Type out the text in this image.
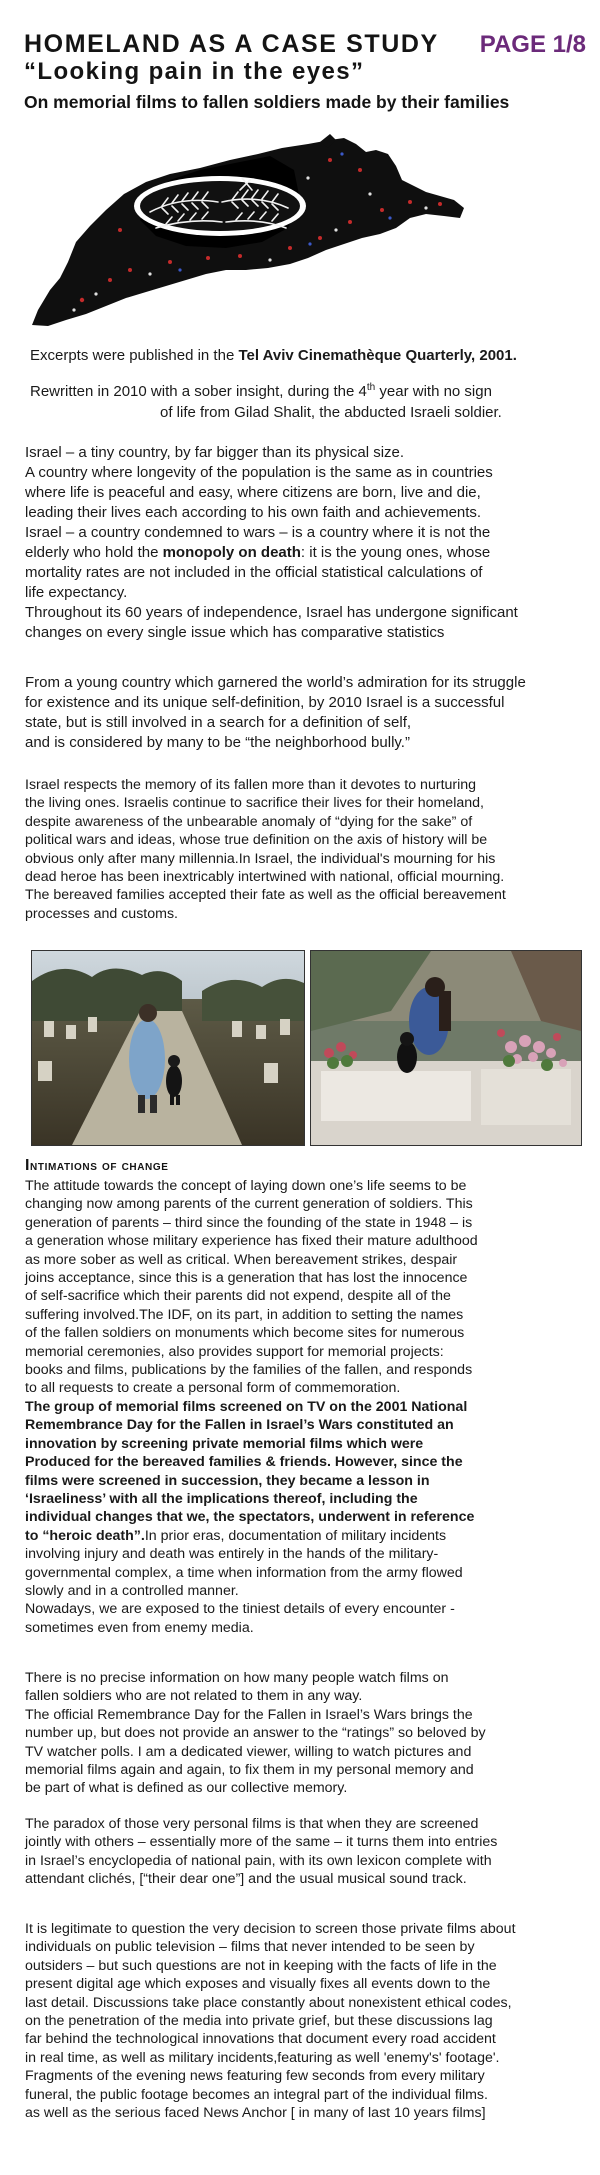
HOMELAND AS A CASE STUDY	PAGE 1/8
“Looking pain in the eyes”
On memorial films to fallen soldiers made by their families
Excerpts were published in the Tel Aviv Cinemathèque Quarterly, 2001.
Rewritten in 2010 with a sober insight, during the 4th year with no sign
of life from Gilad Shalit, the abducted Israeli soldier.
Israel – a tiny country, by far bigger than its physical size.
A country where longevity of the population is the same as in countries
where life is peaceful and easy, where citizens are born, live and die,
leading their lives each according to his own faith and achievements.
Israel – a country condemned to wars – is a country where it is not the
elderly who hold the monopoly on death: it is the young ones, whose
mortality rates are not included in the official statistical calculations of
life expectancy.
Throughout its 60 years of independence, Israel has undergone significant
changes on every single issue which has comparative statistics
From a young country which garnered the world’s admiration for its struggle
for existence and its unique self-definition, by 2010 Israel is a successful
state, but is still involved in a search for a definition of self,
and is considered by many to be “the neighborhood bully.”
Israel respects the memory of its fallen more than it devotes to nurturing
the living ones. Israelis continue to sacrifice their lives for their homeland,
despite awareness of the unbearable anomaly of “dying for the sake” of
political wars and ideas, whose true definition on the axis of history will be
obvious only after many millennia.In Israel, the individual's mourning for his
dead heroe has been inextricably intertwined with national, official mourning.
The bereaved families accepted their fate as well as the official bereavement
processes and customs.
Intimations of change
The attitude towards the concept of laying down one’s life seems to be
changing now among parents of the current generation of soldiers. This
generation of parents – third since the founding of the state in 1948 – is
a generation whose military experience has fixed their mature adulthood
as more sober as well as critical. When bereavement strikes, despair
joins acceptance, since this is a generation that has lost the innocence
of self-sacrifice which their parents did not expend, despite all of the
suffering involved.The IDF, on its part, in addition to setting the names
of the fallen soldiers on monuments which become sites for numerous
memorial ceremonies, also provides support for memorial projects:
books and films, publications by the families of the fallen, and responds
to all requests to create a personal form of commemoration.
The group of memorial films screened on TV on the 2001 National
Remembrance Day for the Fallen in Israel’s Wars constituted an
innovation by screening private memorial films which were
Produced for the bereaved families & friends. However, since the
films were screened in succession, they became a lesson in
‘Israeliness’ with all the implications thereof, including the
individual changes that we, the spectators, underwent in reference
to “heroic death”.In prior eras, documentation of military incidents
involving injury and death was entirely in the hands of the military-
governmental complex, a time when information from the army flowed
slowly and in a controlled manner.
Nowadays, we are exposed to the tiniest details of every encounter -
sometimes even from enemy media.
There is no precise information on how many people watch films on
fallen soldiers who are not related to them in any way.
The official Remembrance Day for the Fallen in Israel’s Wars brings the
number up, but does not provide an answer to the “ratings” so beloved by
TV watcher polls. I am a dedicated viewer, willing to watch pictures and
memorial films again and again, to fix them in my personal memory and
be part of what is defined as our collective memory.
The paradox of those very personal films is that when they are screened
jointly with others – essentially more of the same – it turns them into entries
in Israel’s encyclopedia of national pain, with its own lexicon complete with
attendant clichés, [“their dear one”] and the usual musical sound track.
It is legitimate to question the very decision to screen those private films about
individuals on public television – films that never intended to be seen by
outsiders – but such questions are not in keeping with the facts of life in the
present digital age which exposes and visually fixes all events down to the
last detail. Discussions take place constantly about nonexistent ethical codes,
on the penetration of the media into private grief, but these discussions lag
far behind the technological innovations that document every road accident
in real time, as well as military incidents,featuring as well 'enemy's' footage'.
Fragments of the evening news featuring few seconds from every military
funeral, the public footage becomes an integral part of the individual films.
as well as the serious faced News Anchor [ in many of last 10 years films]
